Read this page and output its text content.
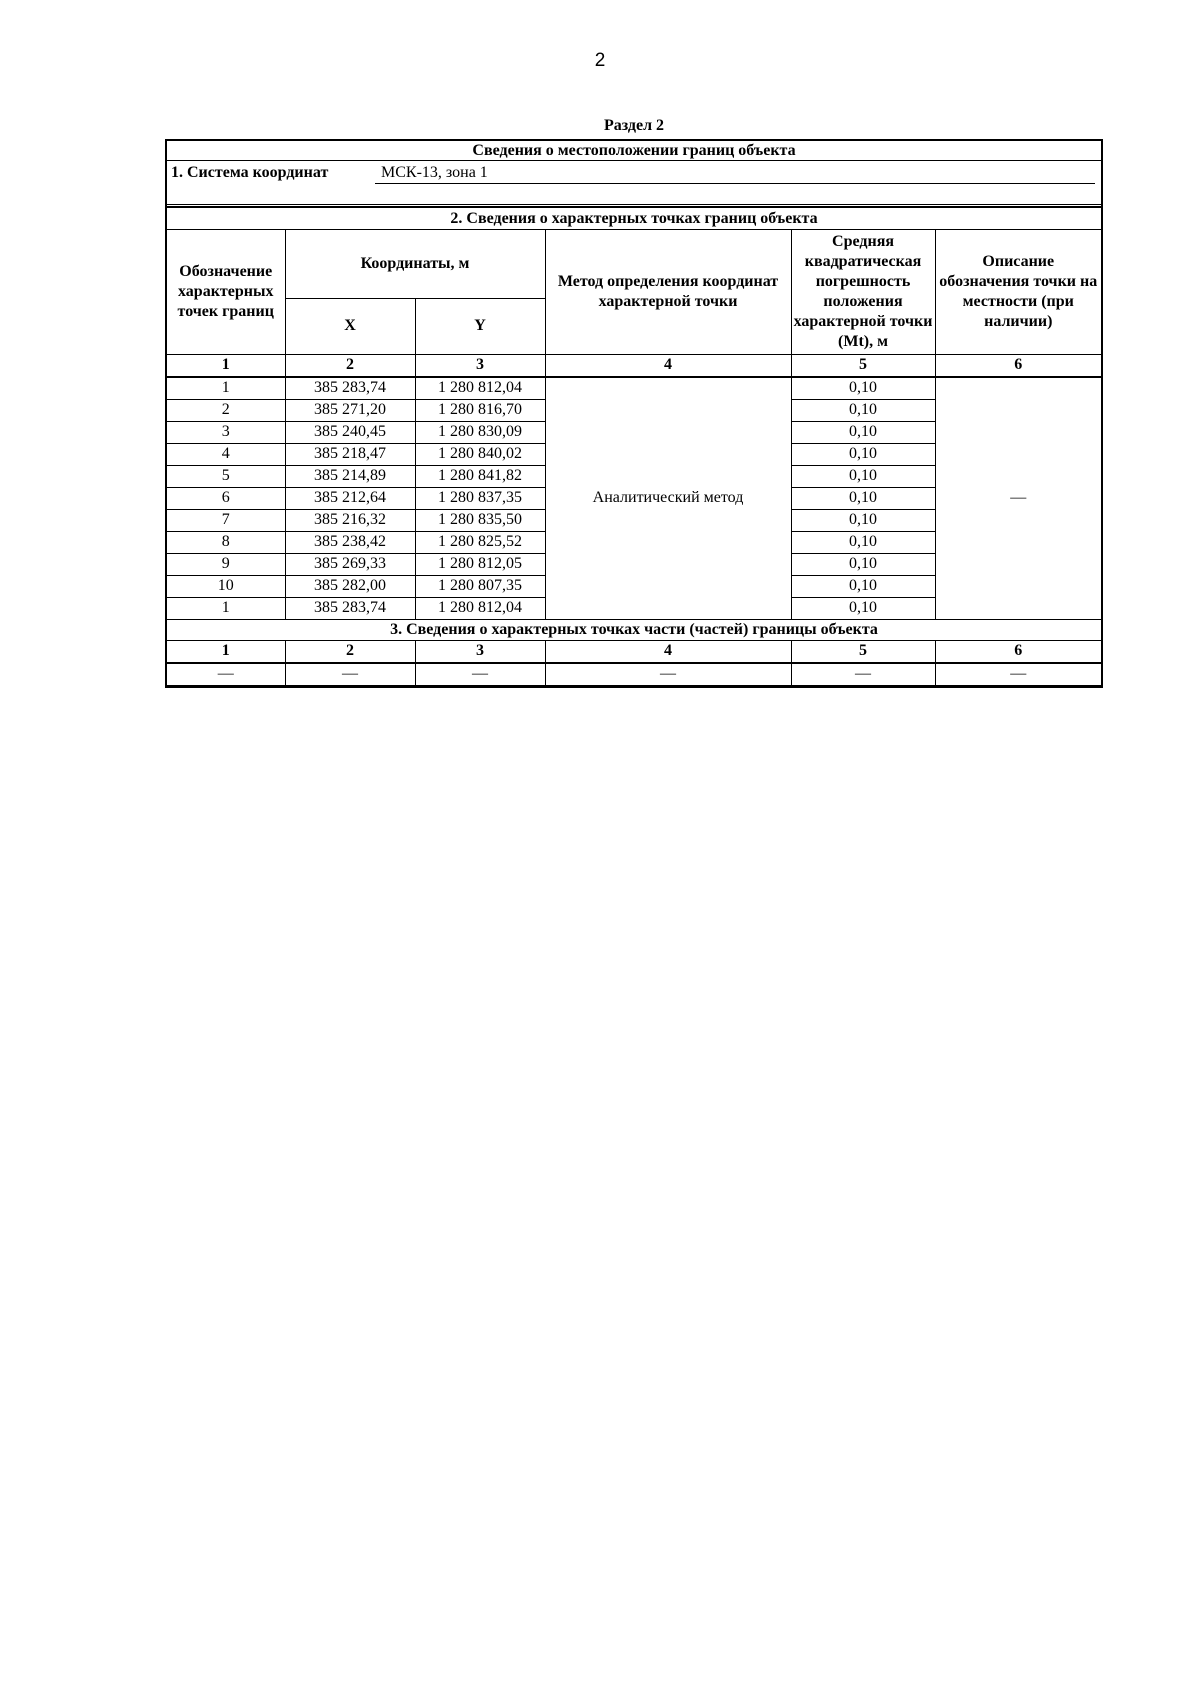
2
Раздел 2
Сведения о местоположении границ объекта
1. Система координат	МСК-13, зона 1
2. Сведения о характерных точках границ объекта
Обозначение характерных точек границ	Координаты, м		Метод определения координат характерной точки	Средняя квадратическая погрешность положения характерной точки (Mt), м	Описание обозначения точки на местности (при наличии)
	X	Y			
1	2	3	4	5	6
1	385 283,74	1 280 812,04	Аналитический метод	0,10	—
2	385 271,20	1 280 816,70		0,10	
3	385 240,45	1 280 830,09		0,10	
4	385 218,47	1 280 840,02		0,10	
5	385 214,89	1 280 841,82		0,10	
6	385 212,64	1 280 837,35		0,10	
7	385 216,32	1 280 835,50		0,10	
8	385 238,42	1 280 825,52		0,10	
9	385 269,33	1 280 812,05		0,10	
10	385 282,00	1 280 807,35		0,10	
1	385 283,74	1 280 812,04		0,10	
3. Сведения о характерных точках части (частей) границы объекта					
1	2	3	4	5	6
—	—	—	—	—	—
